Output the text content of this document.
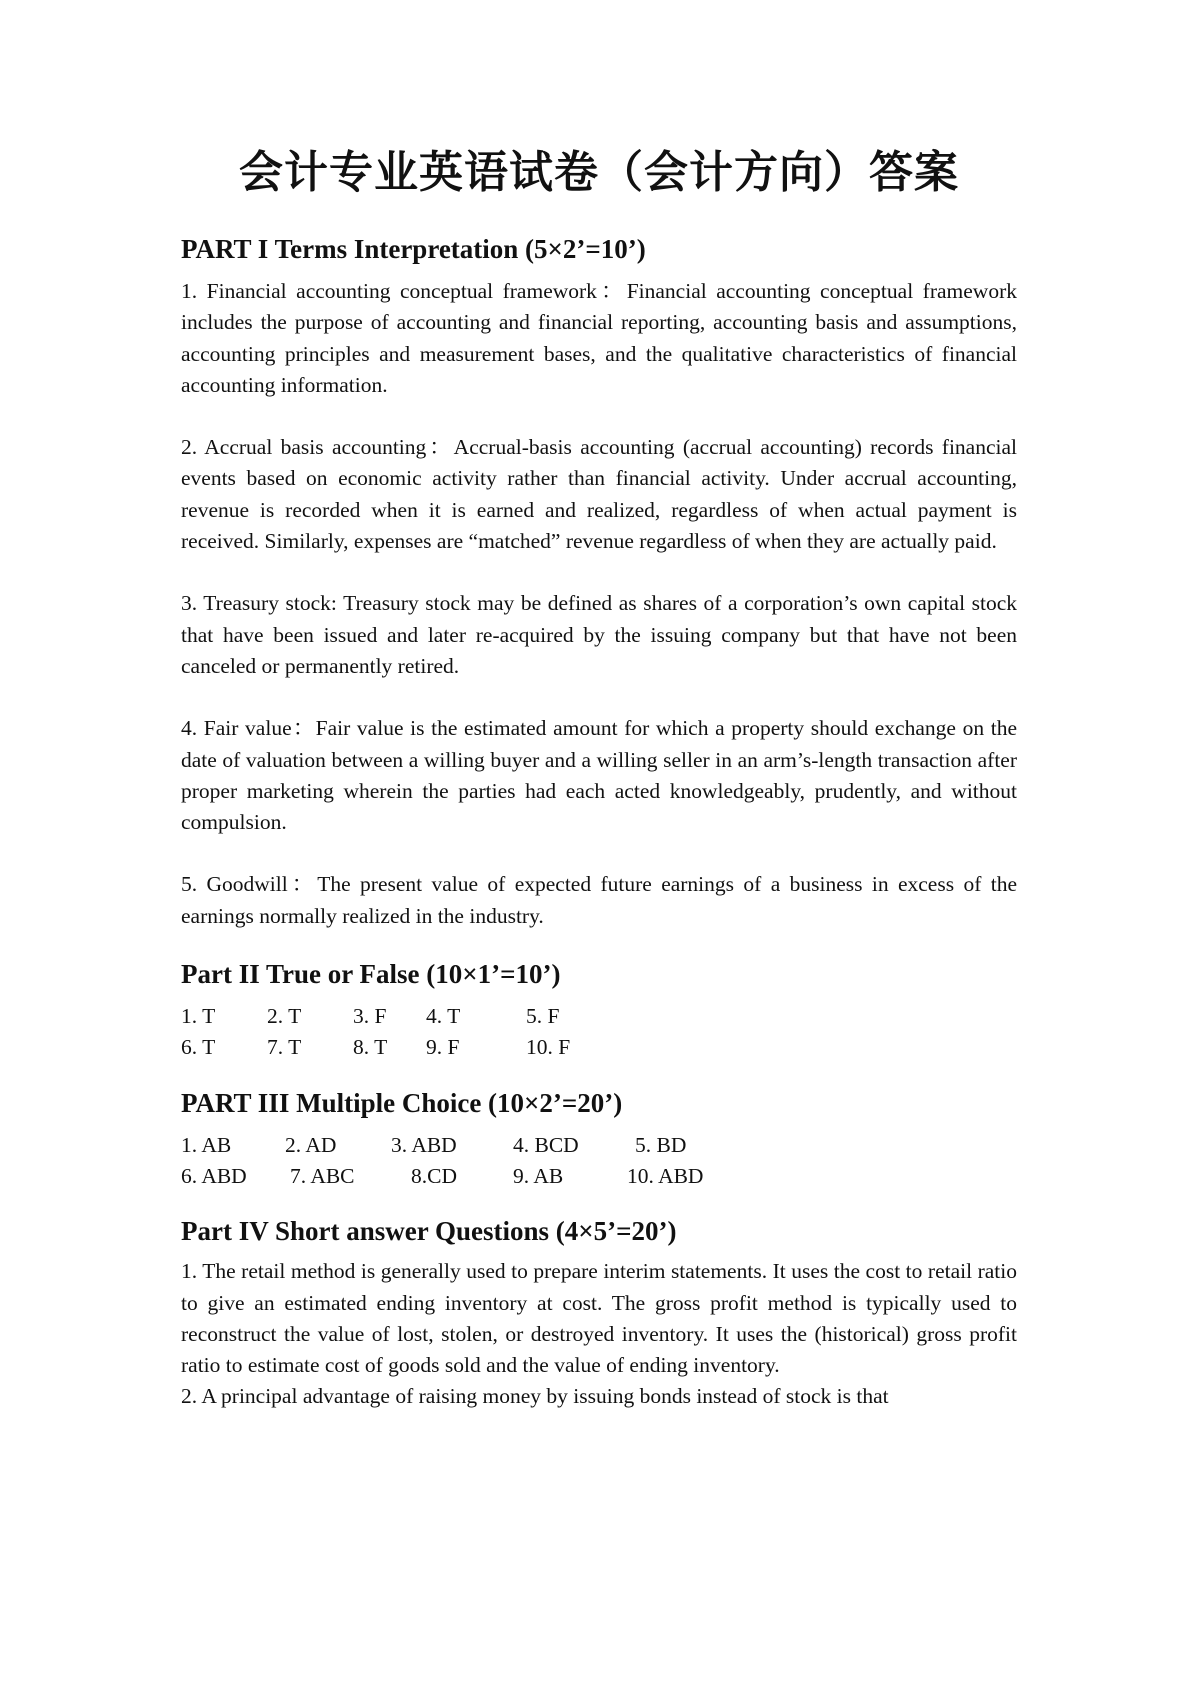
会计专业英语试卷（会计方向）答案
PART I Terms Interpretation (5×2’=10’)

1. Financial accounting conceptual framework：Financial accounting conceptual framework includes the purpose of accounting and financial reporting, accounting basis and assumptions, accounting principles and measurement bases, and the qualitative characteristics of financial accounting information.

2. Accrual basis accounting：Accrual-basis accounting (accrual accounting) records financial events based on economic activity rather than financial activity. Under accrual accounting, revenue is recorded when it is earned and realized, regardless of when actual payment is received. Similarly, expenses are “matched” revenue regardless of when they are actually paid.

3. Treasury stock: Treasury stock may be defined as shares of a corporation’s own capital stock that have been issued and later re-acquired by the issuing company but that have not been canceled or permanently retired.

4. Fair value：Fair value is the estimated amount for which a property should exchange on the date of valuation between a willing buyer and a willing seller in an arm’s-length transaction after proper marketing wherein the parties had each acted knowledgeably, prudently, and without compulsion.

5. Goodwill：The present value of expected future earnings of a business in excess of the earnings normally realized in the industry.

Part II True or False (10×1’=10’)
1. T 2. T 3. F 4. T	5. F
6. T 7. T 8. T 9. F	10. F
PART III Multiple Choice (10×2’=20’)
1. AB	2. AD	3. ABD	4. BCD	5. BD
6. ABD 7. ABC	8.CD	9. AB	10. ABD
Part IV Short answer Questions (4×5’=20’)

1. The retail method is generally used to prepare interim statements. It uses the cost to retail ratio to give an estimated ending inventory at cost. The gross profit method is typically used to reconstruct the value of lost, stolen, or destroyed inventory. It uses the (historical) gross profit ratio to estimate cost of goods sold and the value of ending inventory.

2. A principal advantage of raising money by issuing bonds instead of stock is that
